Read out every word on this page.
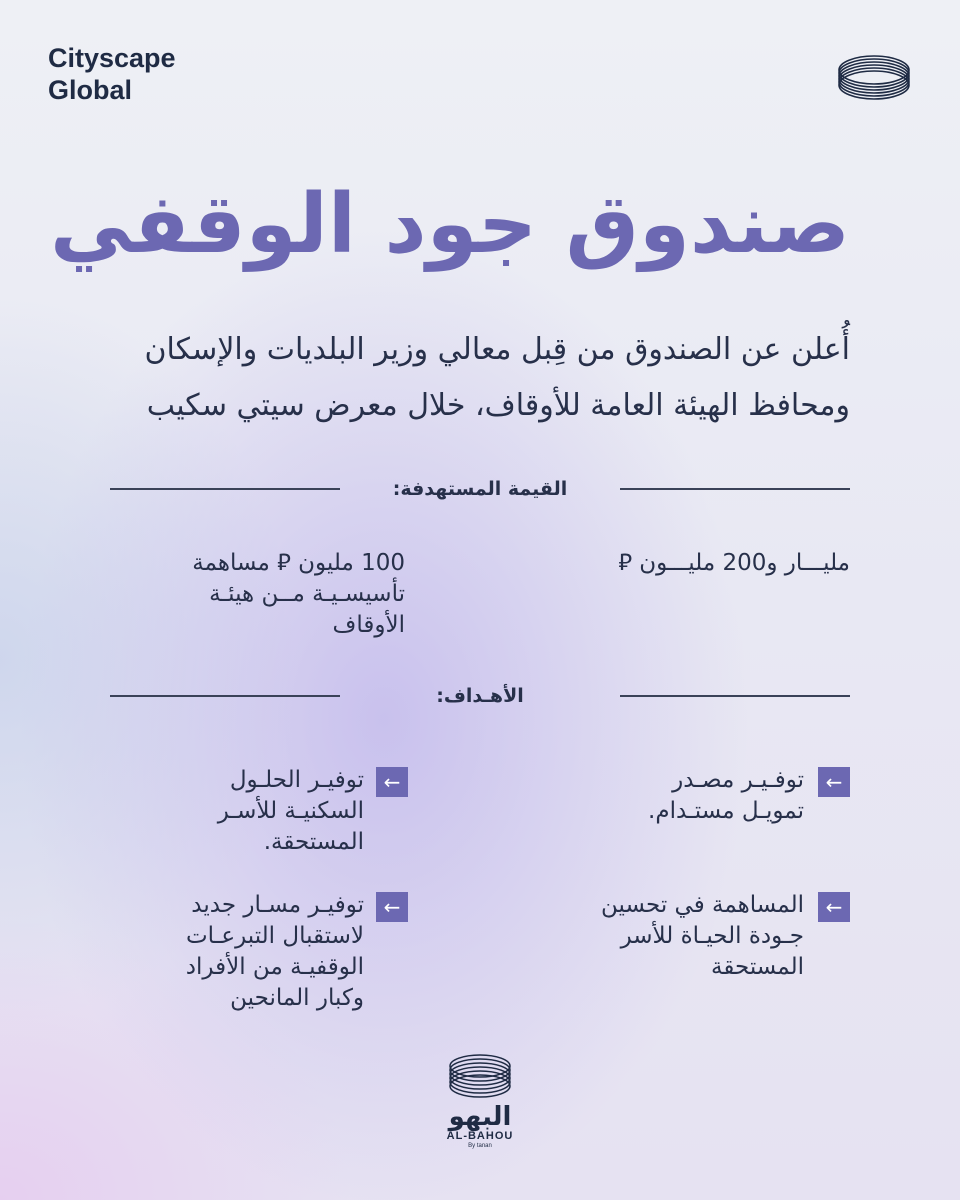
Cityscape
Global
صندوق جود الوقفي
أُعلن عن الصندوق من قِبل معالي وزير البلديات والإسكان
ومحافظ الهيئة العامة للأوقاف، خلال معرض سيتي سكيب
القيمة المستهدفة:
مليـــار و200 مليـــون ⃁
100 مليون ⃁ مساهمة
تأسيسـيـة مــن هيئـة
الأوقاف
الأهـداف:
←
توفـيـر مصـدر
تمويـل مستـدام.
←
توفيـر الحلـول
السكنيـة للأسـر
المستحقة.
←
المساهمة في تحسين
جـودة الحيـاة للأسر
المستحقة
←
توفيـر مسـار جديد
لاستقبال التبرعـات
الوقفيـة من الأفراد
وكبار المانحين
البهو
AL-BAHOU
By tanan
